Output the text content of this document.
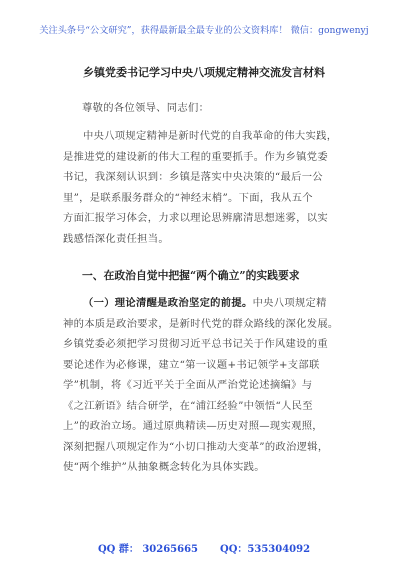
关注头条号“公文研究”，获得最新最全最专业的公文资料库！ 微信：gongwenyj
乡镇党委书记学习中央八项规定精神交流发言材料
尊敬的各位领导、同志们：
中央八项规定精神是新时代党的自我革命的伟大实践，
是推进党的建设新的伟大工程的重要抓手。作为乡镇党委
书记，我深刻认识到：乡镇是落实中央决策的“最后一公
里”，是联系服务群众的“神经末梢”。下面，我从五个
方面汇报学习体会，力求以理论思辨廓清思想迷雾，以实
践感悟深化责任担当。
一、在政治自觉中把握“两个确立”的实践要求
（一）理论清醒是政治坚定的前提。中央八项规定精
神的本质是政治要求，是新时代党的群众路线的深化发展。
乡镇党委必须把学习贯彻习近平总书记关于作风建设的重
要论述作为必修课，建立“第一议题+书记领学+支部联
学”机制，将《习近平关于全面从严治党论述摘编》与
《之江新语》结合研学，在“浦江经验”中领悟“人民至
上”的政治立场。通过原典精读—历史对照—现实观照，
深刻把握八项规定作为“小切口推动大变革”的政治逻辑，
使“两个维护”从抽象概念转化为具体实践。
QQ 群： 30265665 QQ：535304092
